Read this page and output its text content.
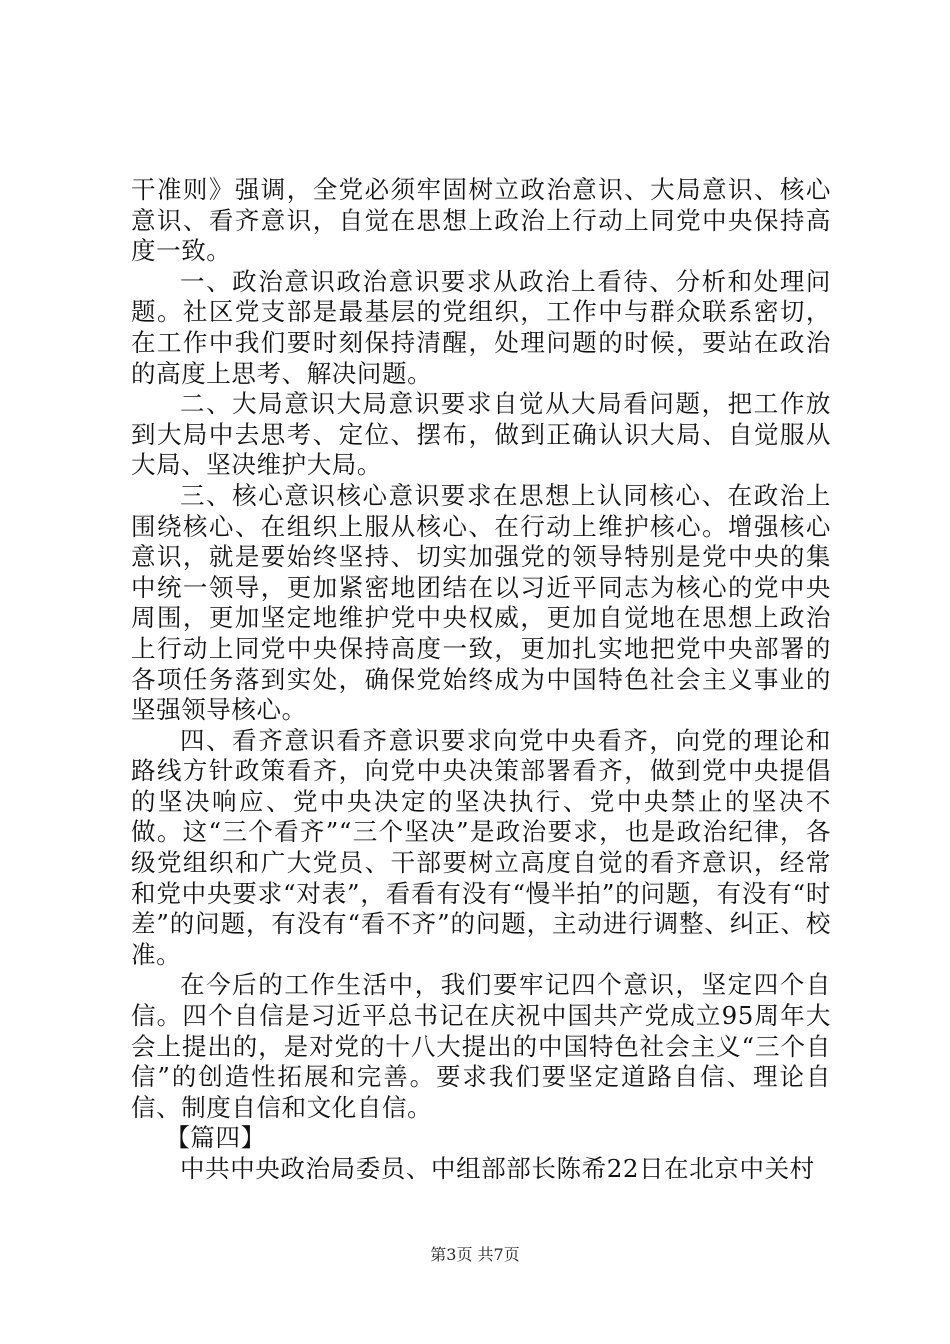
干准则》强调，全党必须牢固树立政治意识、大局意识、核心意识、看齐意识，自觉在思想上政治上行动上同党中央保持高度一致。

一、政治意识政治意识要求从政治上看待、分析和处理问题。社区党支部是最基层的党组织，工作中与群众联系密切，在工作中我们要时刻保持清醒，处理问题的时候，要站在政治的高度上思考、解决问题。

二、大局意识大局意识要求自觉从大局看问题，把工作放到大局中去思考、定位、摆布，做到正确认识大局、自觉服从大局、坚决维护大局。

三、核心意识核心意识要求在思想上认同核心、在政治上围绕核心、在组织上服从核心、在行动上维护核心。增强核心意识，就是要始终坚持、切实加强党的领导特别是党中央的集中统一领导，更加紧密地团结在以习近平同志为核心的党中央周围，更加坚定地维护党中央权威，更加自觉地在思想上政治上行动上同党中央保持高度一致，更加扎实地把党中央部署的各项任务落到实处，确保党始终成为中国特色社会主义事业的坚强领导核心。

四、看齐意识看齐意识要求向党中央看齐，向党的理论和路线方针政策看齐，向党中央决策部署看齐，做到党中央提倡的坚决响应、党中央决定的坚决执行、党中央禁止的坚决不做。这“三个看齐”“三个坚决”是政治要求，也是政治纪律，各级党组织和广大党员、干部要树立高度自觉的看齐意识，经常和党中央要求“对表”，看看有没有“慢半拍”的问题，有没有“时差”的问题，有没有“看不齐”的问题，主动进行调整、纠正、校准。

在今后的工作生活中，我们要牢记四个意识，坚定四个自信。四个自信是习近平总书记在庆祝中国共产党成立95周年大会上提出的，是对党的十八大提出的中国特色社会主义“三个自信”的创造性拓展和完善。要求我们要坚定道路自信、理论自信、制度自信和文化自信。

【篇四】

中共中央政治局委员、中组部部长陈希22日在北京中关村

第3页 共7页
